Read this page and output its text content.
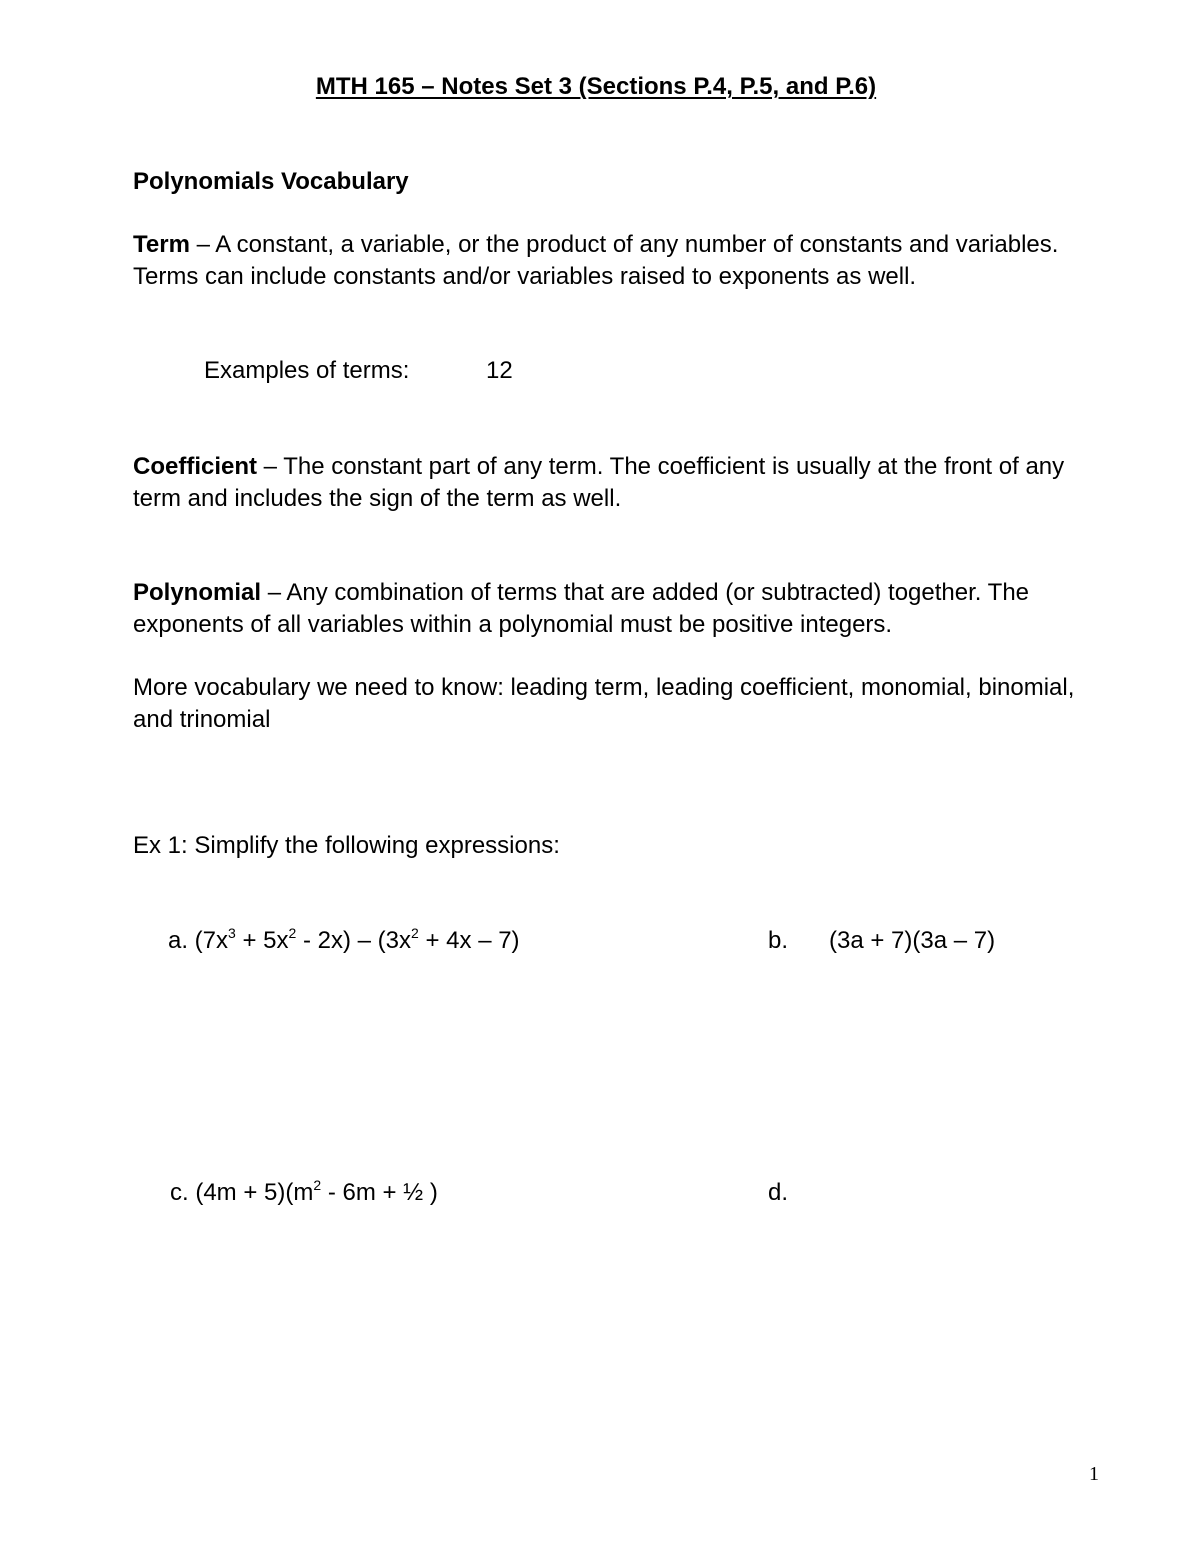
MTH 165 – Notes Set 3 (Sections P.4, P.5, and P.6)
Polynomials Vocabulary
Term – A constant, a variable, or the product of any number of constants and variables. Terms can include constants and/or variables raised to exponents as well.
Examples of terms:	12
Coefficient – The constant part of any term. The coefficient is usually at the front of any term and includes the sign of the term as well.
Polynomial – Any combination of terms that are added (or subtracted) together. The exponents of all variables within a polynomial must be positive integers.
More vocabulary we need to know: leading term, leading coefficient, monomial, binomial, and trinomial
Ex 1: Simplify the following expressions:
a. $(7x^3 + 5x^2 - 2x) - (3x^2 + 4x - 7)$	b. (3a + 7)(3a – 7)
c. $(4m + 5)(m^2 - 6m$ + ½ )	d.
1
